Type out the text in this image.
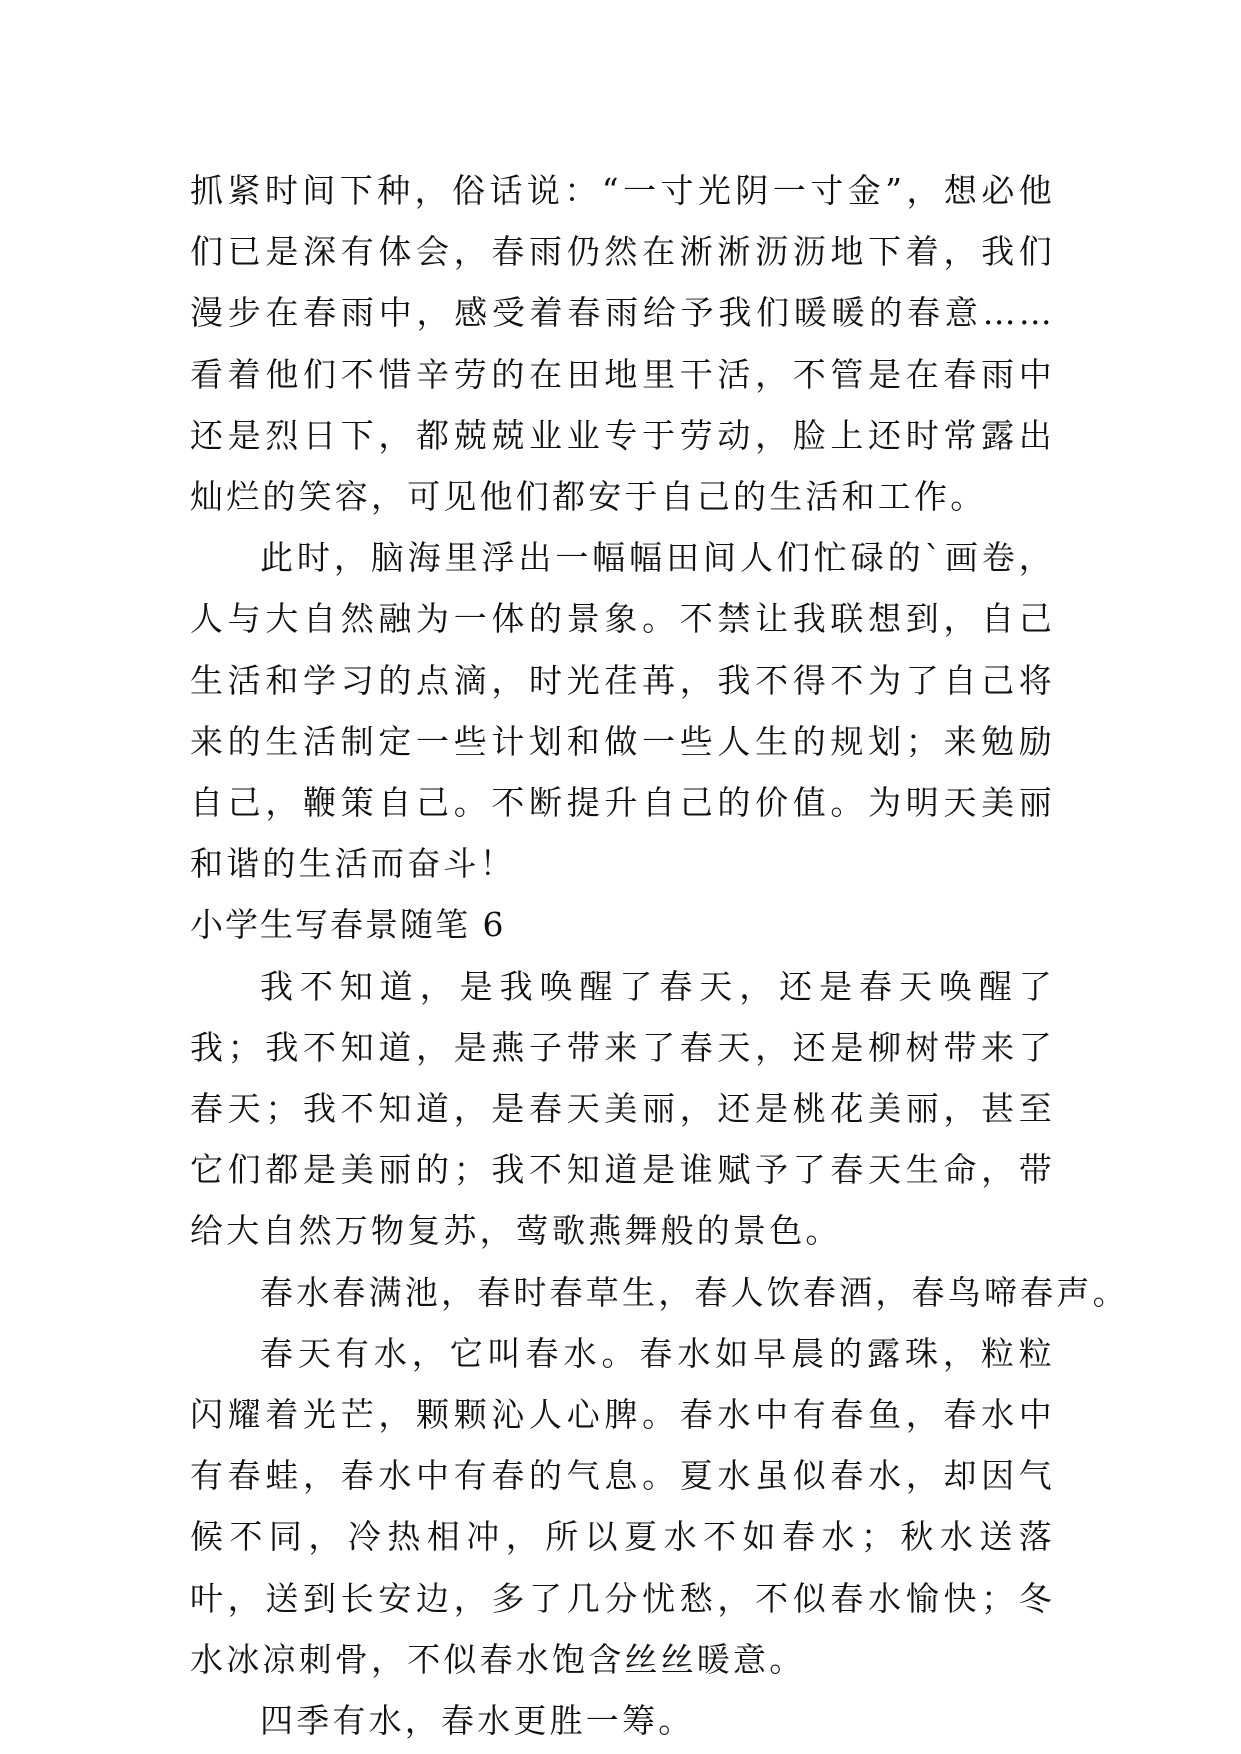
抓紧时间下种，俗话说：“一寸光阴一寸金”，想必他们已是深有体会，春雨仍然在淅淅沥沥地下着，我们漫步在春雨中，感受着春雨给予我们暖暖的春意……看着他们不惜辛劳的在田地里干活，不管是在春雨中还是烈日下，都兢兢业业专于劳动，脸上还时常露出灿烂的笑容，可见他们都安于自己的生活和工作。

此时，脑海里浮出一幅幅田间人们忙碌的`画卷，人与大自然融为一体的景象。不禁让我联想到，自己生活和学习的点滴，时光荏苒，我不得不为了自己将来的生活制定一些计划和做一些人生的规划；来勉励自己，鞭策自己。不断提升自己的价值。为明天美丽和谐的生活而奋斗！

小学生写春景随笔 6

我不知道，是我唤醒了春天，还是春天唤醒了我；我不知道，是燕子带来了春天，还是柳树带来了春天；我不知道，是春天美丽，还是桃花美丽，甚至它们都是美丽的；我不知道是谁赋予了春天生命，带给大自然万物复苏，莺歌燕舞般的景色。

春水春满池，春时春草生，春人饮春酒，春鸟啼春声。

春天有水，它叫春水。春水如早晨的露珠，粒粒闪耀着光芒，颗颗沁人心脾。春水中有春鱼，春水中有春蛙，春水中有春的气息。夏水虽似春水，却因气候不同，冷热相冲，所以夏水不如春水；秋水送落叶，送到长安边，多了几分忧愁，不似春水愉快；冬水冰凉刺骨，不似春水饱含丝丝暖意。

四季有水，春水更胜一筹。
